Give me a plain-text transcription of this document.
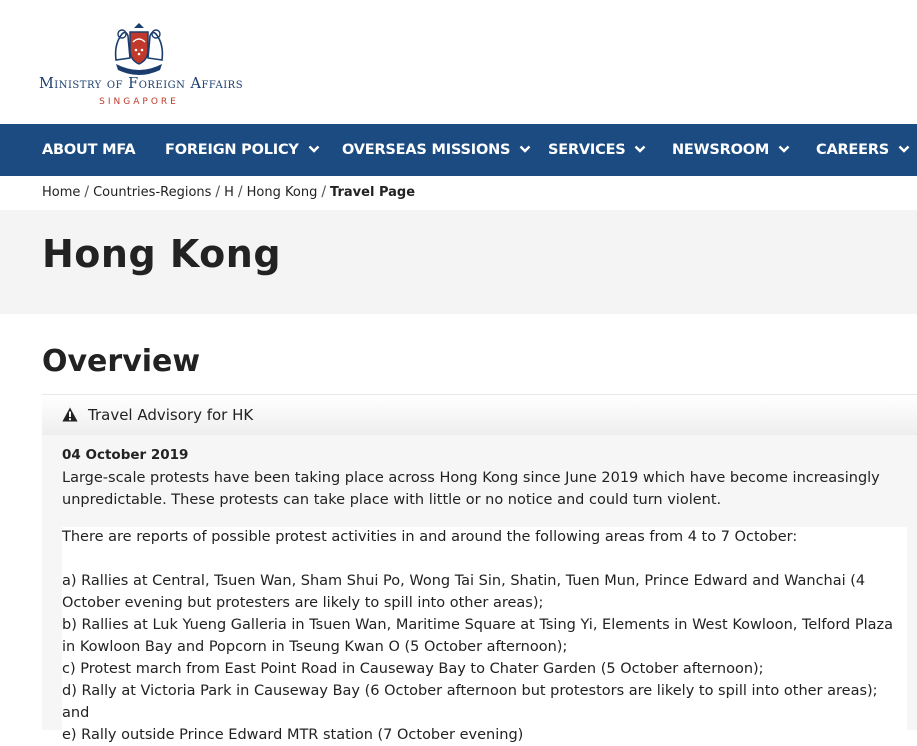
Ministry of Foreign Affairs
SINGAPORE
ABOUT MFA FOREIGN POLICY	OVERSEAS MISSIONS	SERVICES	NEWSROOM	CAREERS
Home / Countries-Regions / H / Hong Kong / Travel Page
Hong Kong
Overview
Travel Advisory for HK
04 October 2019

Large-scale protests have been taking place across Hong Kong since June 2019 which have become increasingly unpredictable. These protests can take place with little or no notice and could turn violent.

There are reports of possible protest activities in and around the following areas from 4 to 7 October:

a) Rallies at Central, Tsuen Wan, Sham Shui Po, Wong Tai Sin, Shatin, Tuen Mun, Prince Edward and Wanchai (4 October evening but protesters are likely to spill into other areas);
b) Rallies at Luk Yueng Galleria in Tsuen Wan, Maritime Square at Tsing Yi, Elements in West Kowloon, Telford Plaza in Kowloon Bay and Popcorn in Tseung Kwan O (5 October afternoon);
c) Protest march from East Point Road in Causeway Bay to Chater Garden (5 October afternoon);
d) Rally at Victoria Park in Causeway Bay (6 October afternoon but protestors are likely to spill into other areas); and
e) Rally outside Prince Edward MTR station (7 October evening)
